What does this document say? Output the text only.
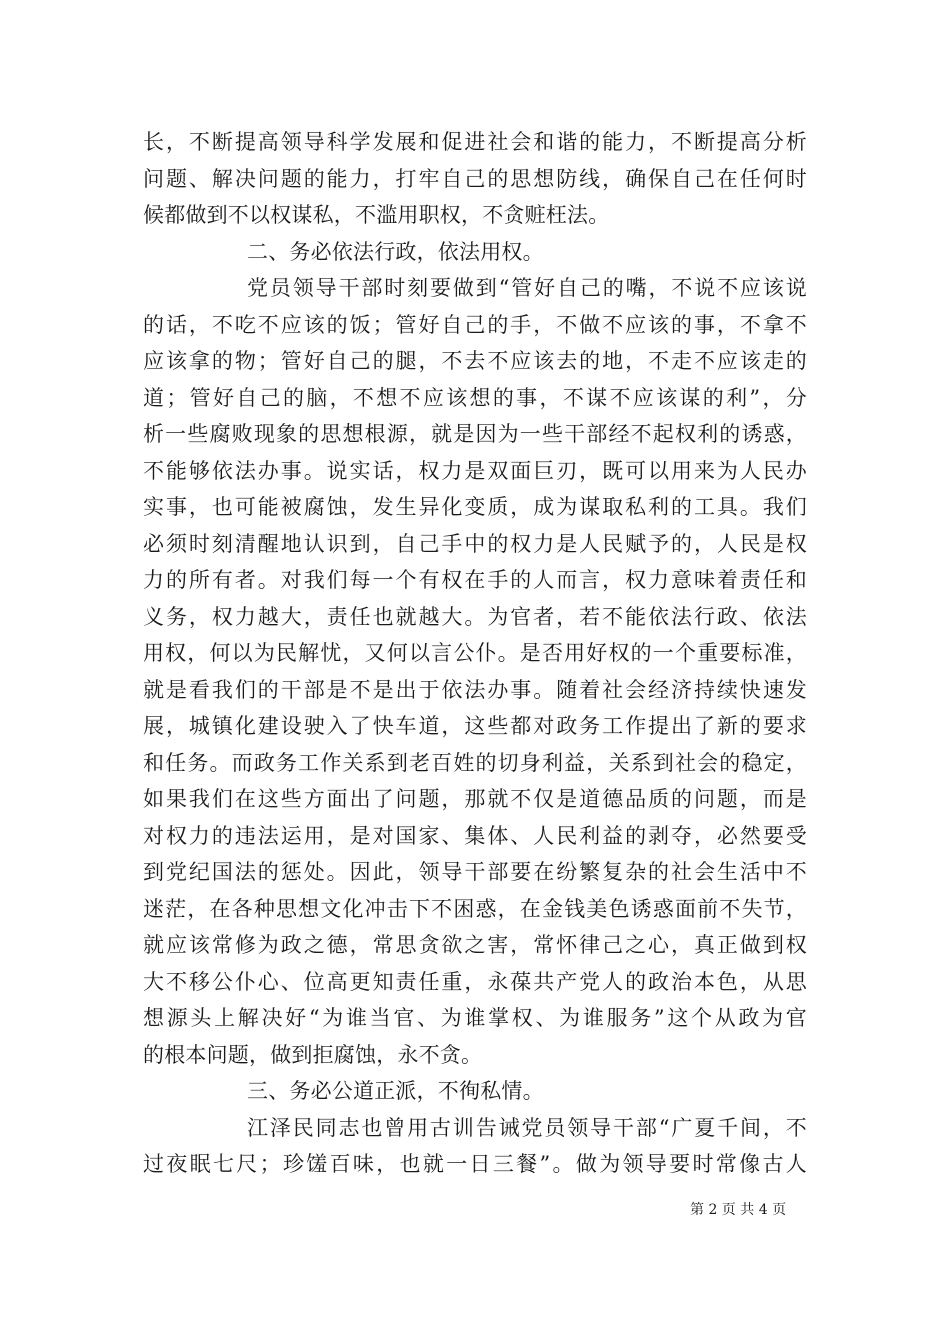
长，不断提高领导科学发展和促进社会和谐的能力，不断提高分析
问题、解决问题的能力，打牢自己的思想防线，确保自己在任何时
候都做到不以权谋私，不滥用职权，不贪赃枉法。
二、务必依法行政，依法用权。
党员领导干部时刻要做到“管好自己的嘴，不说不应该说
的话，不吃不应该的饭；管好自己的手，不做不应该的事，不拿不
应该拿的物；管好自己的腿，不去不应该去的地，不走不应该走的
道；管好自己的脑，不想不应该想的事，不谋不应该谋的利”，分
析一些腐败现象的思想根源，就是因为一些干部经不起权利的诱惑，
不能够依法办事。说实话，权力是双面巨刃，既可以用来为人民办
实事，也可能被腐蚀，发生异化变质，成为谋取私利的工具。我们
必须时刻清醒地认识到，自己手中的权力是人民赋予的，人民是权
力的所有者。对我们每一个有权在手的人而言，权力意味着责任和
义务，权力越大，责任也就越大。为官者，若不能依法行政、依法
用权，何以为民解忧，又何以言公仆。是否用好权的一个重要标准，
就是看我们的干部是不是出于依法办事。随着社会经济持续快速发
展，城镇化建设驶入了快车道，这些都对政务工作提出了新的要求
和任务。而政务工作关系到老百姓的切身利益，关系到社会的稳定，
如果我们在这些方面出了问题，那就不仅是道德品质的问题，而是
对权力的违法运用，是对国家、集体、人民利益的剥夺，必然要受
到党纪国法的惩处。因此，领导干部要在纷繁复杂的社会生活中不
迷茫，在各种思想文化冲击下不困惑，在金钱美色诱惑面前不失节，
就应该常修为政之德，常思贪欲之害，常怀律己之心，真正做到权
大不移公仆心、位高更知责任重，永葆共产党人的政治本色，从思
想源头上解决好“为谁当官、为谁掌权、为谁服务”这个从政为官
的根本问题，做到拒腐蚀，永不贪。
三、务必公道正派，不徇私情。
江泽民同志也曾用古训告诫党员领导干部“广夏千间，不
过夜眠七尺；珍馐百味，也就一日三餐”。做为领导要时常像古人
第 2 页 共 4 页
